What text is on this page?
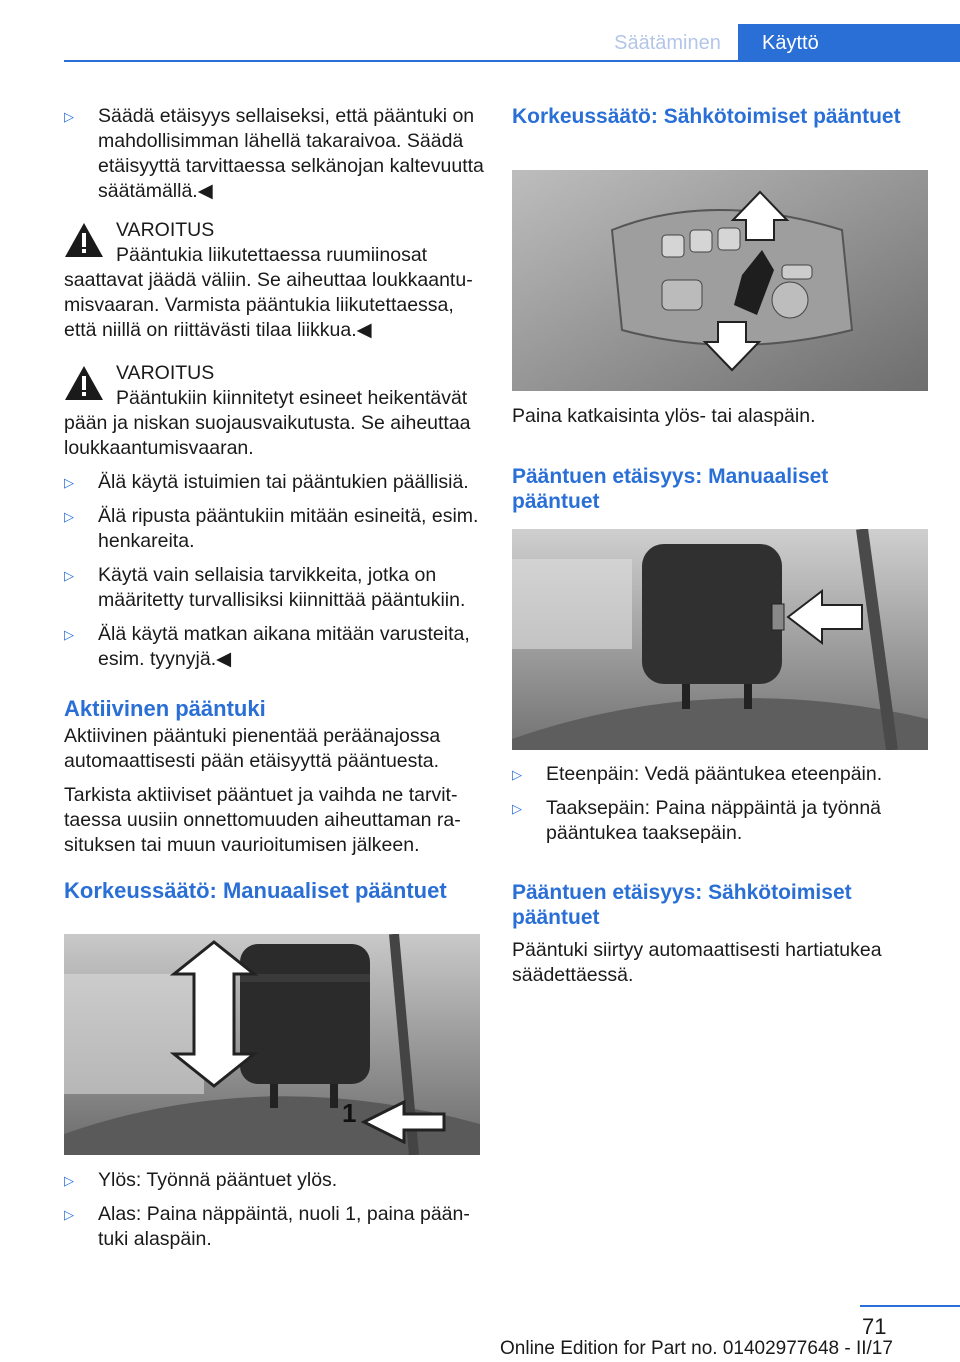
Säätäminen	Käyttö
▷	Säädä etäisyys sellaiseksi, että pääntuki on mahdollisimman lähellä takaraivoa. Säädä etäisyyttä tarvittaessa selkänojan kaltevuutta säätämällä.◀
VAROITUS
Pääntukia liikutettaessa ruumiinosat
saattavat jäädä väliin. Se aiheuttaa loukkaantumisvaaran. Varmista pääntukia liikutettaessa, että niillä on riittävästi tilaa liikkua.◀
VAROITUS
Pääntukiin kiinnitetyt esineet heikentävät
pään ja niskan suojausvaikutusta. Se aiheuttaa loukkaantumisvaaran.
▷	Älä käytä istuimien tai pääntukien päällisiä.
▷	Älä ripusta pääntukiin mitään esineitä, esim. henkareita.
▷	Käytä vain sellaisia tarvikkeita, jotka on määritetty turvallisiksi kiinnittää pääntukiin.
▷	Älä käytä matkan aikana mitään varusteita, esim. tyynyjä.◀
Aktiivinen pääntuki
Aktiivinen pääntuki pienentää peräänajossa automaattisesti pään etäisyyttä pääntuesta.
Tarkista aktiiviset pääntuet ja vaihda ne tarvittaessa uusiin onnettomuuden aiheuttaman rasituksen tai muun vaurioitumisen jälkeen.
Korkeussäätö: Manuaaliset pääntuet
1
▷	Ylös: Työnnä pääntuet ylös.
▷	Alas: Paina näppäintä, nuoli 1, paina pääntuki alaspäin.
Korkeussäätö: Sähkötoimiset pääntuet
Paina katkaisinta ylös- tai alaspäin.
Pääntuen etäisyys: Manuaaliset pääntuet
▷	Eteenpäin: Vedä pääntukea eteenpäin.
▷	Taaksepäin: Paina näppäintä ja työnnä pääntukea taaksepäin.
Pääntuen etäisyys: Sähkötoimiset pääntuet
Pääntuki siirtyy automaattisesti hartiatukea säädettäessä.
71
Online Edition for Part no. 01402977648 - II/17
